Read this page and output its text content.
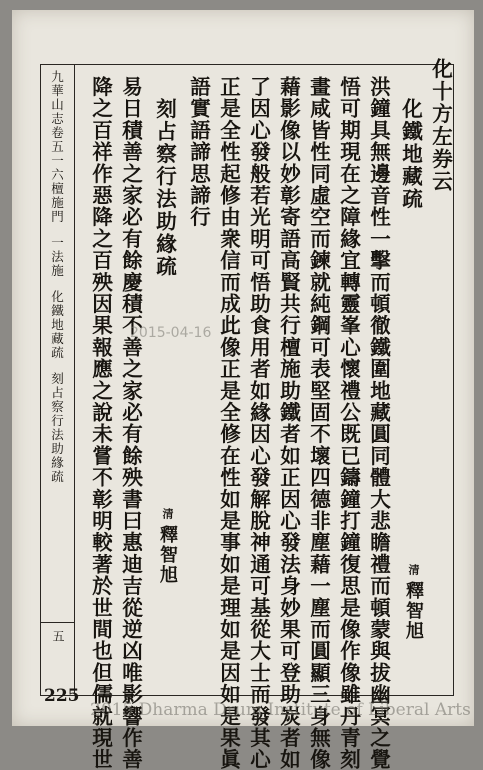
化十方左券云
化鐵地藏疏
清釋智旭
洪鐘具無邊音性一擊而頓徹鐵圍地藏圓同體大悲瞻禮而頓蒙與拔幽冥之覺
悟可期現在之障緣宜轉靈峯心懷禮公既已鑄鐘打鐘復思是像作像雖丹青刻
畫咸皆性同虛空而鍊就純鋼可表堅固不壞四德非塵藉一塵而圓顯三身無像
藉影像以妙彰寄語高賢共行檀施助鐵者如正因心發法身妙果可登助炭者如
了因心發般若光明可悟助食用者如緣因心發解脫神通可基從大士而發其心
正是全性起修由衆信而成此像正是全修在性如是事如是理如是因如是果眞
語實語諦思諦行
刻占察行法助緣疏
清釋智旭
易日積善之家必有餘慶積不善之家必有餘殃書曰惠迪吉從逆凶唯影響作善
降之百祥作惡降之百殃因果報應之說未嘗不彰明較著於世間也但儒就現世
九華山志卷五一六檀施門一法施化鐵地藏疏刻占察行法助緣疏
五
2015-04-16
225
2015 Dharma Drum Institute of Liberal Arts
